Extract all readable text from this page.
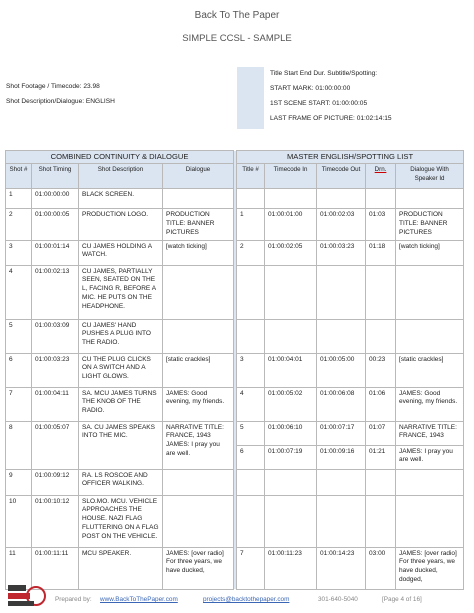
Back To The Paper
SIMPLE CCSL - SAMPLE
Shot Footage / Timecode: 23.98
Shot Description/Dialogue: ENGLISH
Title Start End Dur. Subtitle/Spotting:
START MARK: 01:00:00:00
1ST SCENE START: 01:00:00:05
LAST FRAME OF PICTURE: 01:02:14:15
COMBINED CONTINUITY & DIALOGUE					MASTER ENGLISH/SPOTTING LIST				
Shot #	Shot Timing	Shot Description	Dialogue		Title #	Timecode In	Timecode Out	Drn.	Dialogue With Speaker Id
1	01:00:00:00	BLACK SCREEN.							
2	01:00:00:05	PRODUCTION LOGO.	PRODUCTION TITLE: BANNER PICTURES		1	01:00:01:00	01:00:02:03	01:03	PRODUCTION TITLE: BANNER PICTURES
3	01:00:01:14	CU JAMES HOLDING A WATCH.	[watch ticking]		2	01:00:02:05	01:00:03:23	01:18	[watch ticking]
4	01:00:02:13	CU JAMES, PARTIALLY SEEN, SEATED ON THE L, FACING R, BEFORE A MIC. HE PUTS ON THE HEADPHONE.							
5	01:00:03:09	CU JAMES' HAND PUSHES A PLUG INTO THE RADIO.							
6	01:00:03:23	CU THE PLUG CLICKS ON A SWITCH AND A LIGHT GLOWS.	[static crackles]		3	01:00:04:01	01:00:05:00	00:23	[static crackles]
7	01:00:04:11	SA. MCU JAMES TURNS THE KNOB OF THE RADIO.	JAMES: Good evening, my friends.		4	01:00:05:02	01:00:06:08	01:06	JAMES: Good evening, my friends.
8	01:00:05:07	SA. CU JAMES SPEAKS INTO THE MIC.	NARRATIVE TITLE: FRANCE, 1943 JAMES: I pray you are well.		5	01:00:06:10	01:00:07:17	01:07	NARRATIVE TITLE: FRANCE, 1943
					6	01:00:07:19	01:00:09:16	01:21	JAMES: I pray you are well.
9	01:00:09:12	RA. LS ROSCOE AND OFFICER WALKING.							
10	01:00:10:12	SLO.MO. MCU. VEHICLE APPROACHES THE HOUSE. NAZI FLAG FLUTTERING ON A FLAG POST ON THE VEHICLE.							
11	01:00:11:11	MCU SPEAKER.	JAMES: [over radio] For three years, we have ducked,		7	01:00:11:23	01:00:14:23	03:00	JAMES: [over radio] For three years, we have ducked, dodged,
Prepared by: www.BackToThePaper.com	projects@backtothepaper.com	301-640-5040	[Page 4 of 16]
